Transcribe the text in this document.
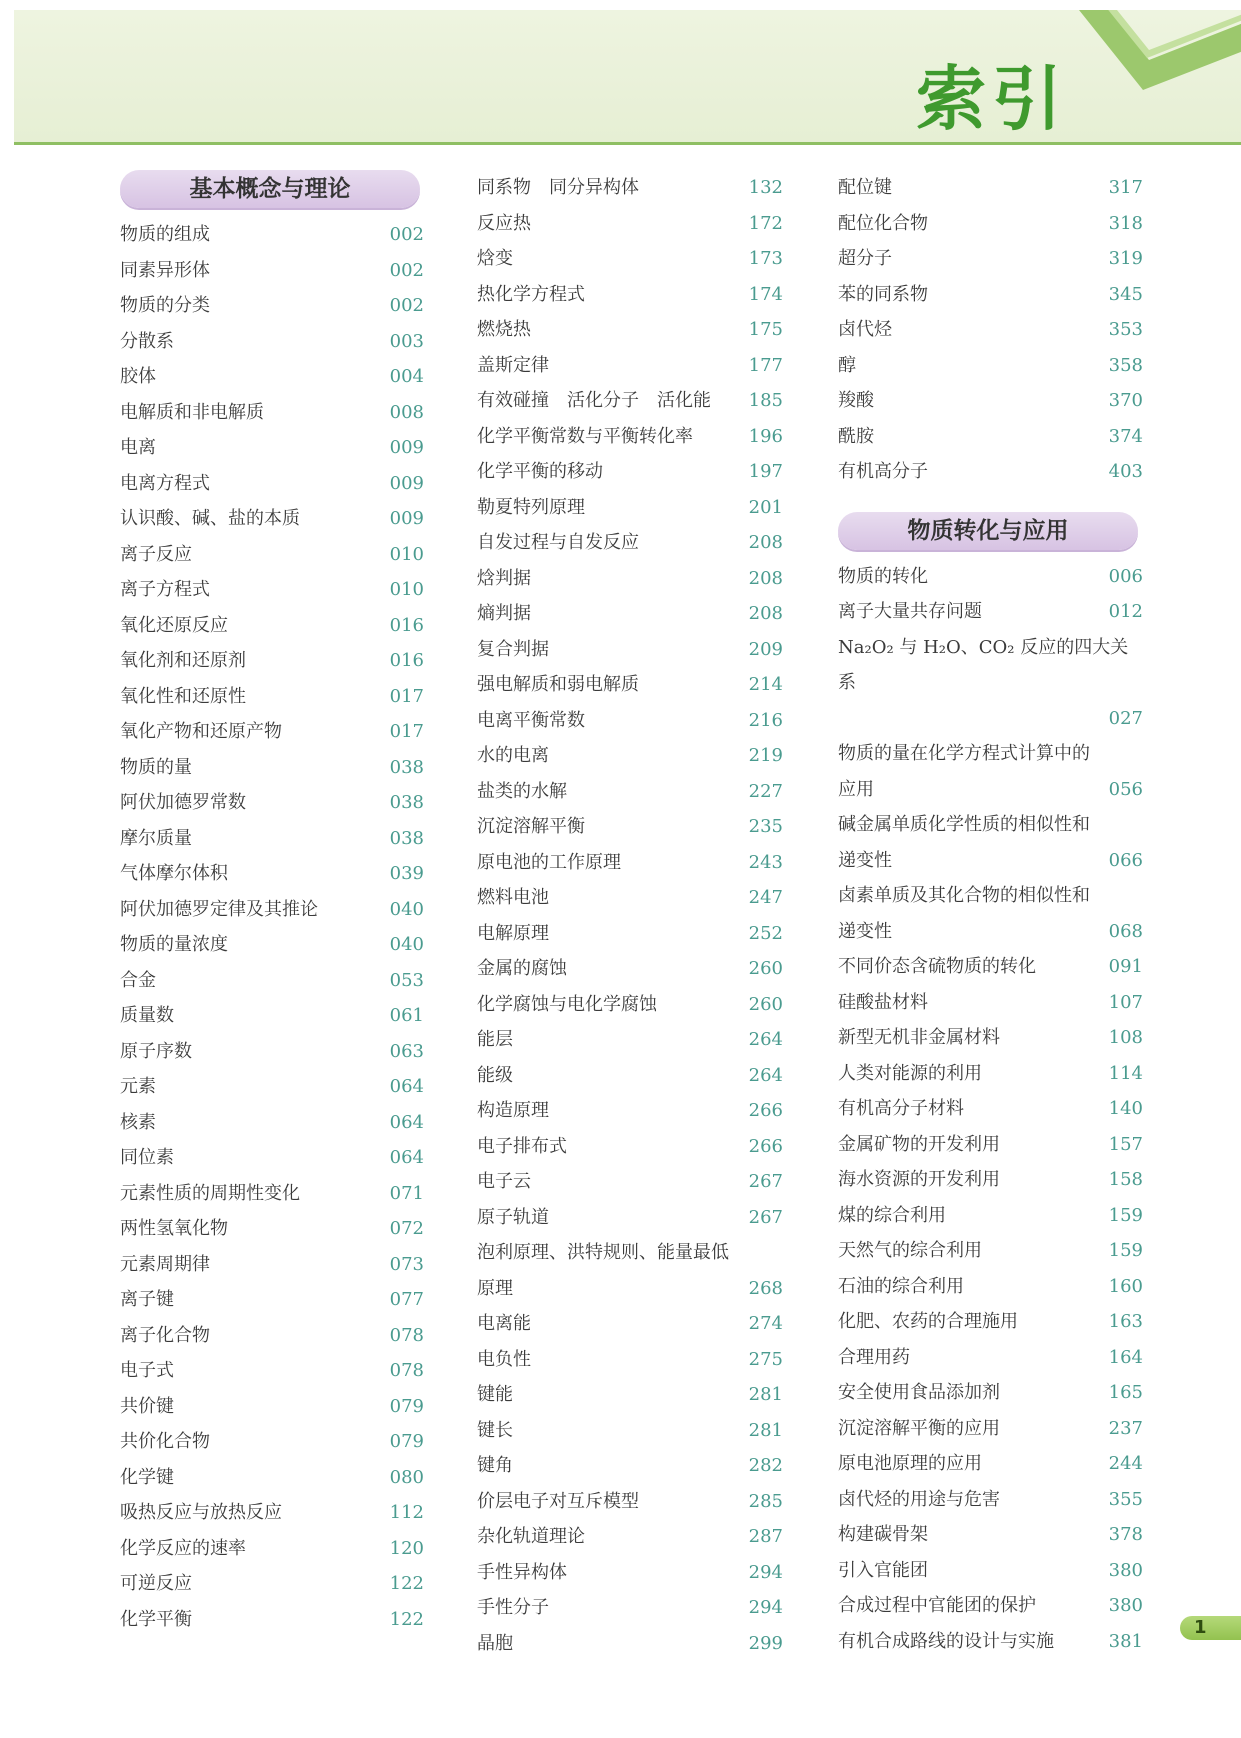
索引
基本概念与理论
物质的组成	002
同素异形体	002
物质的分类	002
分散系	003
胶体	004
电解质和非电解质	008
电离	009
电离方程式	009
认识酸、碱、盐的本质	009
离子反应	010
离子方程式	010
氧化还原反应	016
氧化剂和还原剂	016
氧化性和还原性	017
氧化产物和还原产物	017
物质的量	038
阿伏加德罗常数	038
摩尔质量	038
气体摩尔体积	039
阿伏加德罗定律及其推论	040
物质的量浓度	040
合金	053
质量数	061
原子序数	063
元素	064
核素	064
同位素	064
元素性质的周期性变化	071
两性氢氧化物	072
元素周期律	073
离子键	077
离子化合物	078
电子式	078
共价键	079
共价化合物	079
化学键	080
吸热反应与放热反应	112
化学反应的速率	120
可逆反应	122
化学平衡	122
同系物　同分异构体	132
反应热	172
焓变	173
热化学方程式	174
燃烧热	175
盖斯定律	177
有效碰撞　活化分子　活化能 185
化学平衡常数与平衡转化率	196
化学平衡的移动	197
勒夏特列原理	201
自发过程与自发反应	208
焓判据	208
熵判据	208
复合判据	209
强电解质和弱电解质	214
电离平衡常数	216
水的电离	219
盐类的水解	227
沉淀溶解平衡	235
原电池的工作原理	243
燃料电池	247
电解原理	252
金属的腐蚀	260
化学腐蚀与电化学腐蚀	260
能层	264
能级	264
构造原理	266
电子排布式	266
电子云	267
原子轨道	267
泡利原理、洪特规则、能量最低
原理	268
电离能	274
电负性	275
键能	281
键长	281
键角	282
价层电子对互斥模型	285
杂化轨道理论	287
手性异构体	294
手性分子	294
晶胞	299
配位键	317
配位化合物	318
超分子	319
苯的同系物	345
卤代烃	353
醇	358
羧酸	370
酰胺	374
有机高分子	403
物质转化与应用
物质的转化	006
离子大量共存问题	012
Na₂O₂ 与 H₂O、CO₂ 反应的四大关系
027
物质的量在化学方程式计算中的
应用	056
碱金属单质化学性质的相似性和
递变性	066
卤素单质及其化合物的相似性和
递变性	068
不同价态含硫物质的转化	091
硅酸盐材料	107
新型无机非金属材料	108
人类对能源的利用	114
有机高分子材料	140
金属矿物的开发利用	157
海水资源的开发利用	158
煤的综合利用	159
天然气的综合利用	159
石油的综合利用	160
化肥、农药的合理施用	163
合理用药	164
安全使用食品添加剂	165
沉淀溶解平衡的应用	237
原电池原理的应用	244
卤代烃的用途与危害	355
构建碳骨架	378
引入官能团	380
合成过程中官能团的保护	380
有机合成路线的设计与实施	381
1
